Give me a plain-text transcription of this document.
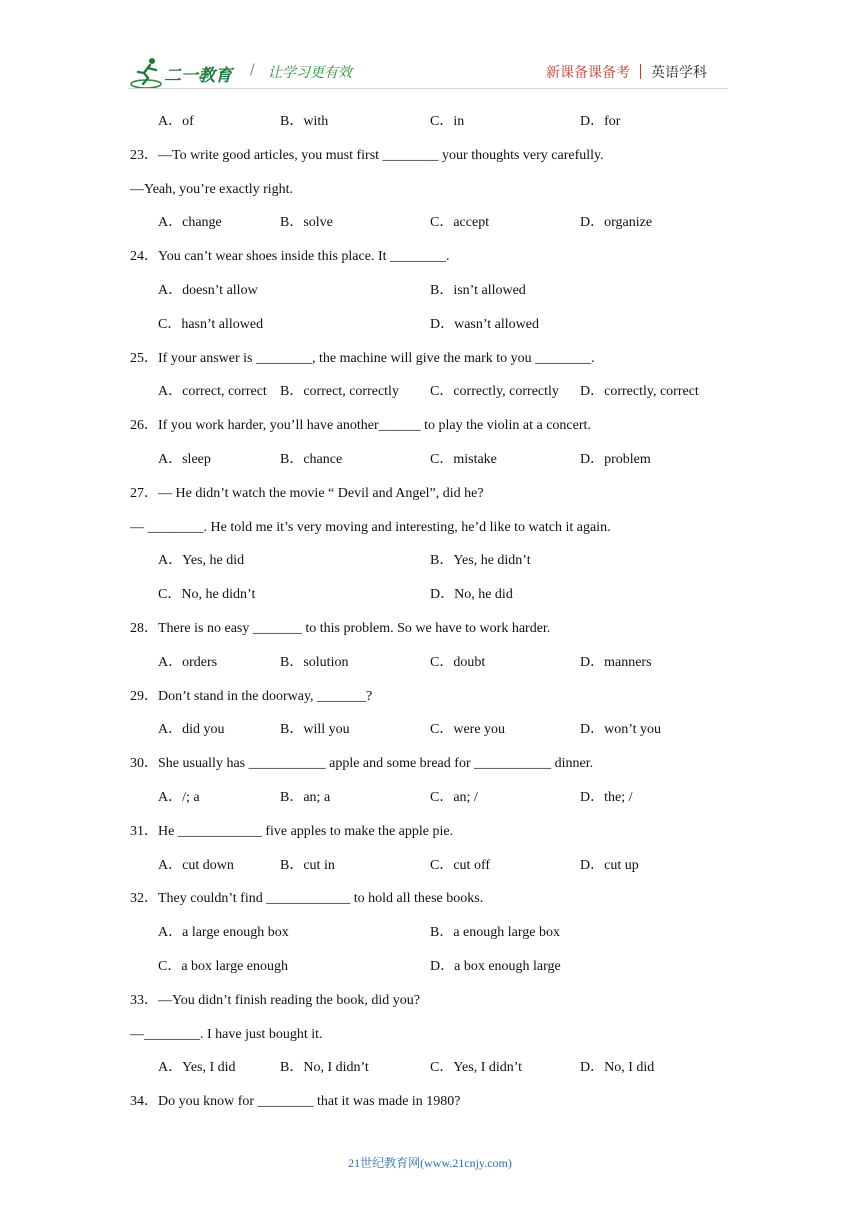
二一教育 / 让学习更有效	新课备课备考 英语学科
A．of	B．with	C．in	D．for
23．—To write good articles, you must first ________ your thoughts very carefully.
—Yeah, you’re exactly right.
A．change	B．solve	C．accept	D．organize
24．You can’t wear shoes inside this place. It ________.
A．doesn’t allow	B．isn’t allowed
C．hasn’t allowed	D．wasn’t allowed
25．If your answer is ________, the machine will give the mark to you ________.
A．correct, correct B．correct, correctly C．correctly, correctly D．correctly, correct
26．If you work harder, you’ll have another______ to play the violin at a concert.
A．sleep	B．chance	C．mistake	D．problem
27．— He didn’t watch the movie “ Devil and Angel”, did he?
— ________. He told me it’s very moving and interesting, he’d like to watch it again.
A．Yes, he did	B．Yes, he didn’t
C．No, he didn’t	D．No, he did
28．There is no easy _______ to this problem. So we have to work harder.
A．orders	B．solution	C．doubt	D．manners
29．Don’t stand in the doorway, _______?
A．did you	B．will you	C．were you	D．won’t you
30．She usually has ___________ apple and some bread for ___________ dinner.
A．/; a	B．an; a	C．an; /	D．the; /
31．He ____________ five apples to make the apple pie.
A．cut down	B．cut in	C．cut off	D．cut up
32．They couldn’t find ____________ to hold all these books.
A．a large enough box	B．a enough large box
C．a box large enough	D．a box enough large
33．—You didn’t finish reading the book, did you?
—________. I have just bought it.
A．Yes, I did	B．No, I didn’t	C．Yes, I didn’t	D．No, I did
34．Do you know for ________ that it was made in 1980?
21世纪教育网(www.21cnjy.com)
